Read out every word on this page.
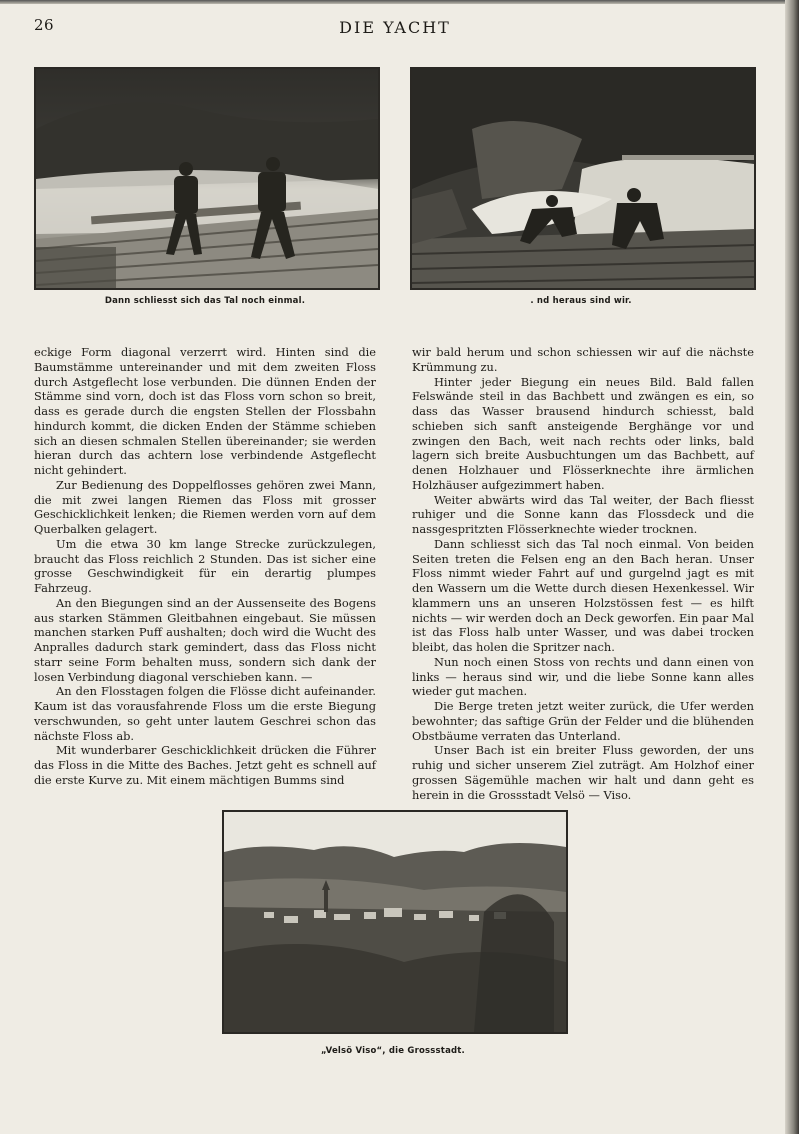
26	DIE YACHT
Dann schliesst sich das Tal noch einmal.	. nd heraus sind wir.

eckige Form diagonal verzerrt wird. Hinten sind die Baumstämme untereinander und mit dem zweiten Floss durch Astgeflecht lose verbunden. Die dünnen Enden der Stämme sind vorn, doch ist das Floss vorn schon so breit, dass es gerade durch die engsten Stellen der Flossbahn hindurch kommt, die dicken Enden der Stämme schieben sich an diesen schmalen Stellen übereinander; sie werden hieran durch das achtern lose verbindende Astgeflecht nicht gehindert.

Zur Bedienung des Doppelflosses gehören zwei Mann, die mit zwei langen Riemen das Floss mit grosser Geschicklichkeit lenken; die Riemen werden vorn auf dem Querbalken gelagert.

Um die etwa 30 km lange Strecke zurückzulegen, braucht das Floss reichlich 2 Stunden. Das ist sicher eine grosse Geschwindigkeit für ein derartig plumpes Fahrzeug.

An den Biegungen sind an der Aussenseite des Bogens aus starken Stämmen Gleitbahnen eingebaut. Sie müssen manchen starken Puff aushalten; doch wird die Wucht des Anpralles dadurch stark gemindert, dass das Floss nicht starr seine Form behalten muss, sondern sich dank der losen Verbindung diagonal verschieben kann. —

An den Flosstagen folgen die Flösse dicht aufeinander. Kaum ist das vorausfahrende Floss um die erste Biegung verschwunden, so geht unter lautem Geschrei schon das nächste Floss ab.

Mit wunderbarer Geschicklichkeit drücken die Führer das Floss in die Mitte des Baches. Jetzt geht es schnell auf die erste Kurve zu. Mit einem mächtigen Bumms sind

wir bald herum und schon schiessen wir auf die nächste Krümmung zu.

Hinter jeder Biegung ein neues Bild. Bald fallen Felswände steil in das Bachbett und zwängen es ein, so dass das Wasser brausend hindurch schiesst, bald schieben sich sanft ansteigende Berghänge vor und zwingen den Bach, weit nach rechts oder links, bald lagern sich breite Ausbuchtungen um das Bachbett, auf denen Holzhauer und Flösserknechte ihre ärmlichen Holzhäuser aufgezimmert haben.

Weiter abwärts wird das Tal weiter, der Bach fliesst ruhiger und die Sonne kann das Flossdeck und die nassgespritzten Flösserknechte wieder trocknen.

Dann schliesst sich das Tal noch einmal. Von beiden Seiten treten die Felsen eng an den Bach heran. Unser Floss nimmt wieder Fahrt auf und gurgelnd jagt es mit den Wassern um die Wette durch diesen Hexenkessel. Wir klammern uns an unseren Holzstössen fest — es hilft nichts — wir werden doch an Deck geworfen. Ein paar Mal ist das Floss halb unter Wasser, und was dabei trocken bleibt, das holen die Spritzer nach.

Nun noch einen Stoss von rechts und dann einen von links — heraus sind wir, und die liebe Sonne kann alles wieder gut machen.

Die Berge treten jetzt weiter zurück, die Ufer werden bewohnter; das saftige Grün der Felder und die blühenden Obstbäume verraten das Unterland.

Unser Bach ist ein breiter Fluss geworden, der uns ruhig und sicher unserem Ziel zuträgt. Am Holzhof einer grossen Sägemühle machen wir halt und dann geht es herein in die Grossstadt Velsö — Viso.

„Velsö Viso“, die Grossstadt.
